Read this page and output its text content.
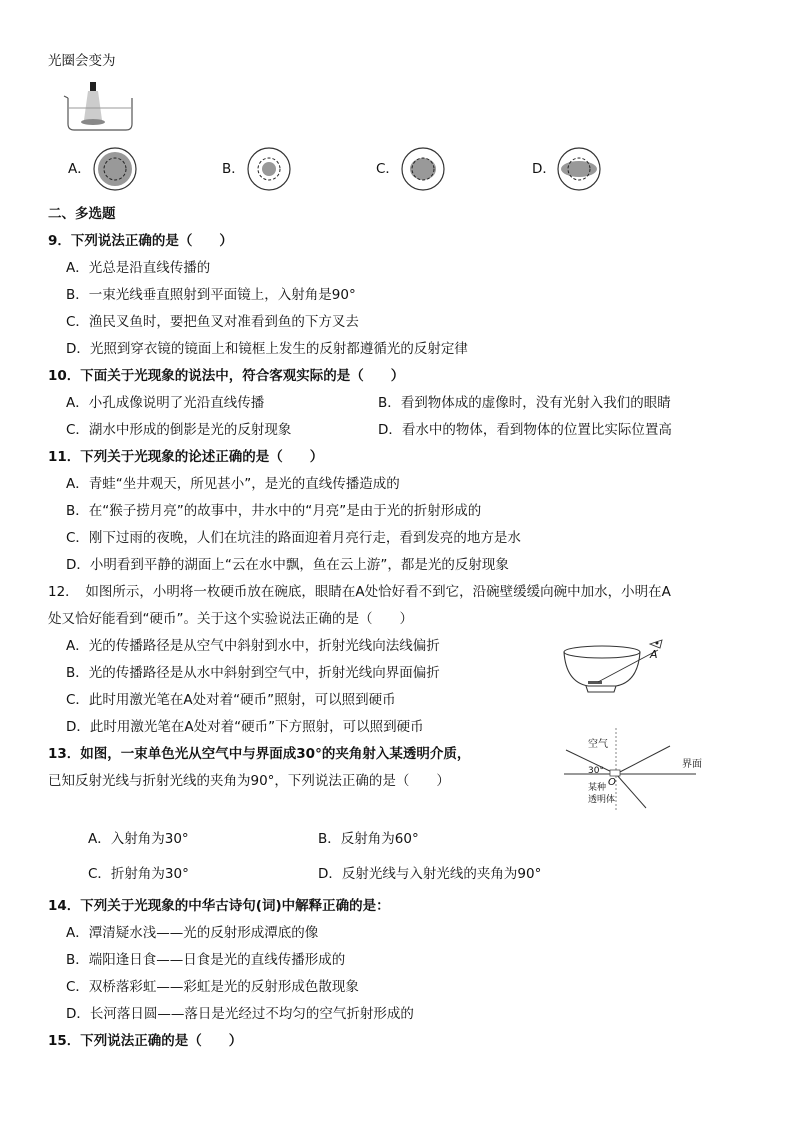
光圈会变为
A．	B．	C．	D．
二、多选题
9．下列说法正确的是（　　）
A．光总是沿直线传播的
B．一束光线垂直照射到平面镜上，入射角是90°
C．渔民叉鱼时，要把鱼叉对准看到鱼的下方叉去
D．光照到穿衣镜的镜面上和镜框上发生的反射都遵循光的反射定律
10．下面关于光现象的说法中，符合客观实际的是（　　）
A．小孔成像说明了光沿直线传播	B．看到物体成的虚像时，没有光射入我们的眼睛
C．湖水中形成的倒影是光的反射现象	D．看水中的物体，看到物体的位置比实际位置高
11．下列关于光现象的论述正确的是（　　）
A．青蛙“坐井观天，所见甚小”，是光的直线传播造成的
B．在“猴子捞月亮”的故事中，井水中的“月亮”是由于光的折射形成的
C．刚下过雨的夜晚，人们在坑洼的路面迎着月亮行走，看到发亮的地方是水
D．小明看到平静的湖面上“云在水中飘，鱼在云上游”，都是光的反射现象
12．　如图所示，小明将一枚硬币放在碗底，眼睛在A处恰好看不到它，沿碗壁缓缓向碗中加水，小明在A
处又恰好能看到“硬币”。关于这个实验说法正确的是（　　）
A．光的传播路径是从空气中斜射到水中，折射光线向法线偏折
B．光的传播路径是从水中斜射到空气中，折射光线向界面偏折
C．此时用激光笔在A处对着“硬币”照射，可以照到硬币
D．此时用激光笔在A处对着“硬币”下方照射，可以照到硬币
A
13．如图，一束单色光从空气中与界面成30°的夹角射入某透明介质，
已知反射光线与折射光线的夹角为90°，下列说法正确的是（　　）
空气
界面
30°
O
某种
透明体
A．入射角为30°	B．反射角为60°
C．折射角为30°	D．反射光线与入射光线的夹角为90°
14．下列关于光现象的中华古诗句(词)中解释正确的是：
A．潭清疑水浅——光的反射形成潭底的像
B．端阳逢日食——日食是光的直线传播形成的
C．双桥落彩虹——彩虹是光的反射形成色散现象
D．长河落日圆——落日是光经过不均匀的空气折射形成的
15．下列说法正确的是（　　）
